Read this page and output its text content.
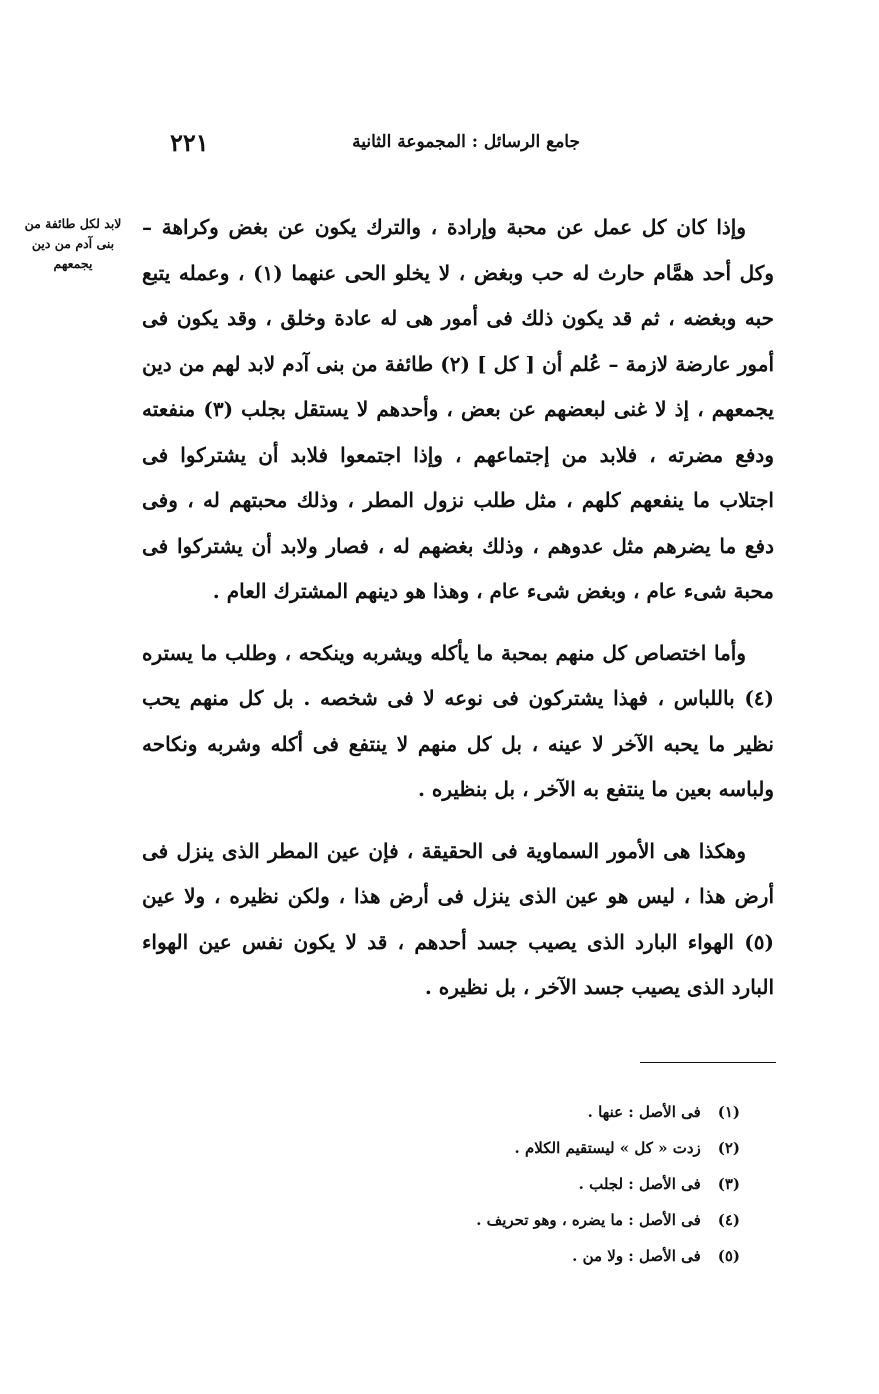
جامع الرسائل : المجموعة الثانية
٢٢١
لابد لكل طائفة من بنى آدم من دين يجمعهم

وإذا كان كل عمل عن محبة وإرادة ، والترك يكون عن بغض وكراهة – وكل أحد همَّام حارث له حب وبغض ، لا يخلو الحى عنهما (١) ، وعمله يتبع حبه وبغضه ، ثم قد يكون ذلك فى أمور هى له عادة وخلق ، وقد يكون فى أمور عارضة لازمة – عُلم أن [ كل ] (٢) طائفة من بنى آدم لابد لهم من دين يجمعهم ، إذ لا غنى لبعضهم عن بعض ، وأحدهم لا يستقل بجلب (٣) منفعته ودفع مضرته ، فلابد من إجتماعهم ، وإذا اجتمعوا فلابد أن يشتركوا فى اجتلاب ما ينفعهم كلهم ، مثل طلب نزول المطر ، وذلك محبتهم له ، وفى دفع ما يضرهم مثل عدوهم ، وذلك بغضهم له ، فصار ولابد أن يشتركوا فى محبة شىء عام ، وبغض شىء عام ، وهذا هو دينهم المشترك العام .

وأما اختصاص كل منهم بمحبة ما يأكله ويشربه وينكحه ، وطلب ما يستره (٤) باللباس ، فهذا يشتركون فى نوعه لا فى شخصه . بل كل منهم يحب نظير ما يحبه الآخر لا عينه ، بل كل منهم لا ينتفع فى أكله وشربه ونكاحه ولباسه بعين ما ينتفع به الآخر ، بل بنظيره .

وهكذا هى الأمور السماوية فى الحقيقة ، فإن عين المطر الذى ينزل فى أرض هذا ، ليس هو عين الذى ينزل فى أرض هذا ، ولكن نظيره ، ولا عين (٥) الهواء البارد الذى يصيب جسد أحدهم ، قد لا يكون نفس عين الهواء البارد الذى يصيب جسد الآخر ، بل نظيره .

(١) فى الأصل : عنها .
(٢) زدت « كل » ليستقيم الكلام .
(٣) فى الأصل : لجلب .
(٤) فى الأصل : ما يضره ، وهو تحريف .
(٥) فى الأصل : ولا من .
